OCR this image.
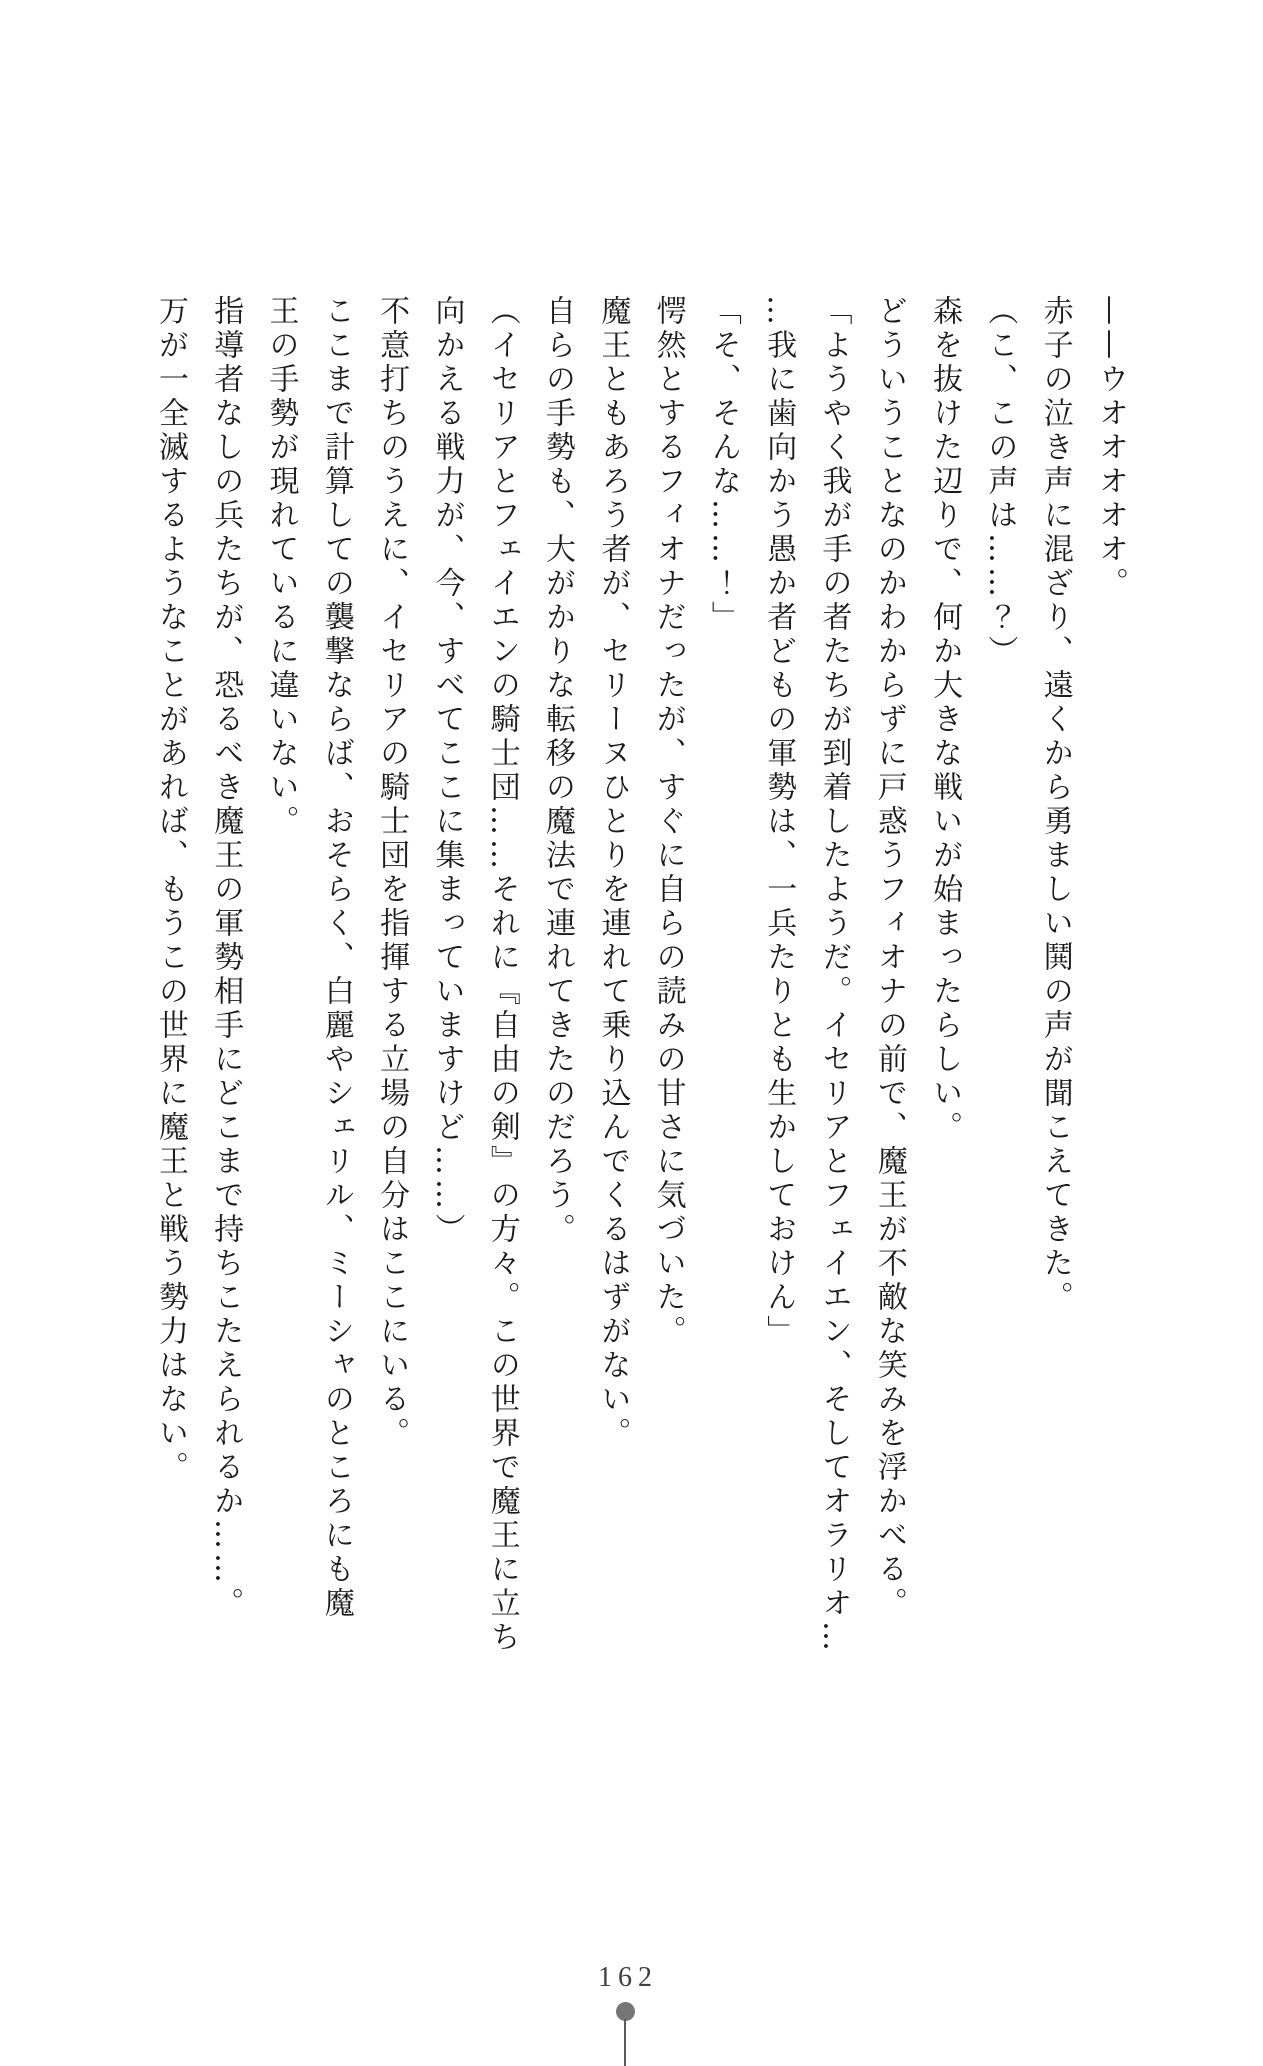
——ウオオオオオ。
赤子の泣き声に混ざり、遠くから勇ましい鬨の声が聞こえてきた。
（こ、この声は……？）
森を抜けた辺りで、何か大きな戦いが始まったらしい。
どういうことなのかわからずに戸惑うフィオナの前で、魔王が不敵な笑みを浮かべる。
「ようやく我が手の者たちが到着したようだ。イセリアとフェイエン、そしてオラリオ…
…我に歯向かう愚か者どもの軍勢は、一兵たりとも生かしておけん」
「そ、そんな……！」
愕然とするフィオナだったが、すぐに自らの読みの甘さに気づいた。
魔王ともあろう者が、セリーヌひとりを連れて乗り込んでくるはずがない。
自らの手勢も、大がかりな転移の魔法で連れてきたのだろう。
（イセリアとフェイエンの騎士団……それに『自由の剣』の方々。この世界で魔王に立ち
向かえる戦力が、今、すべてここに集まっていますけど……）
不意打ちのうえに、イセリアの騎士団を指揮する立場の自分はここにいる。
ここまで計算しての襲撃ならば、おそらく、白麗やシェリル、ミーシャのところにも魔
王の手勢が現れているに違いない。
指導者なしの兵たちが、恐るべき魔王の軍勢相手にどこまで持ちこたえられるか……。
万が一全滅するようなことがあれば、もうこの世界に魔王と戦う勢力はない。
162
